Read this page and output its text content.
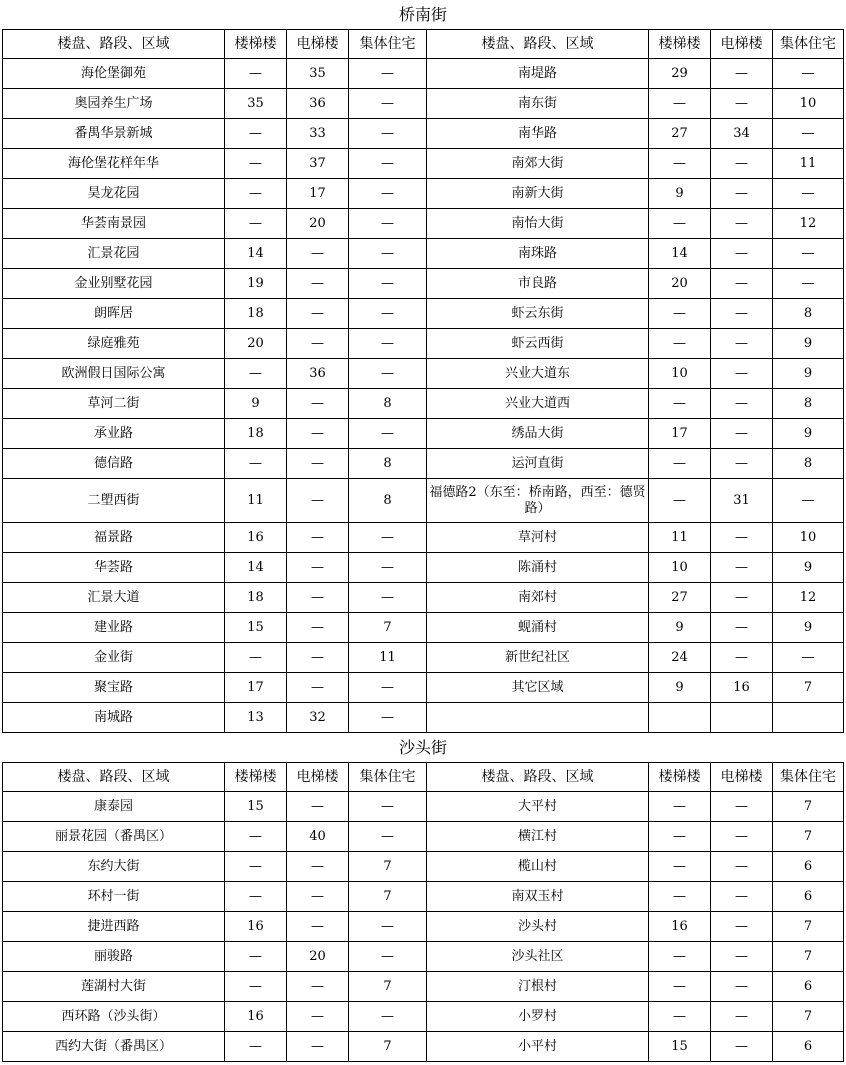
桥南街							
楼盘、路段、区域	楼梯楼	电梯楼	集体住宅	楼盘、路段、区域	楼梯楼	电梯楼	集体住宅
海伦堡御苑	—	35	—	南堤路	29	—	—
奥园养生广场	35	36	—	南东街	—	—	10
番禺华景新城	—	33	—	南华路	27	34	—
海伦堡花样年华	—	37	—	南郊大街	—	—	11
昊龙花园	—	17	—	南新大街	9	—	—
华荟南景园	—	20	—	南怡大街	—	—	12
汇景花园	14	—	—	南珠路	14	—	—
金业别墅花园	19	—	—	市良路	20	—	—
朗晖居	18	—	—	虾云东街	—	—	8
绿庭雅苑	20	—	—	虾云西街	—	—	9
欧洲假日国际公寓	—	36	—	兴业大道东	10	—	9
草河二街	9	—	8	兴业大道西	—	—	8
承业路	18	—	—	绣品大街	17	—	9
德信路	—	—	8	运河直街	—	—	8
二塱西街	11	—	8	福德路2（东至：桥南路，西至：德贤路）	—	31	—
福景路	16	—	—	草河村	11	—	10
华荟路	14	—	—	陈涌村	10	—	9
汇景大道	18	—	—	南郊村	27	—	12
建业路	15	—	7	蚬涌村	9	—	9
金业街	—	—	11	新世纪社区	24	—	—
聚宝路	17	—	—	其它区域	9	16	7
南城路	13	32	—				
沙头街							
楼盘、路段、区域	楼梯楼	电梯楼	集体住宅	楼盘、路段、区域	楼梯楼	电梯楼	集体住宅
康泰园	15	—	—	大平村	—	—	7
丽景花园（番禺区）	—	40	—	横江村	—	—	7
东约大街	—	—	7	榄山村	—	—	6
环村一街	—	—	7	南双玉村	—	—	6
捷进西路	16	—	—	沙头村	16	—	7
丽骏路	—	20	—	沙头社区	—	—	7
莲湖村大街	—	—	7	汀根村	—	—	6
西环路（沙头街）	16	—	—	小罗村	—	—	7
西约大街（番禺区）	—	—	7	小平村	15	—	6
